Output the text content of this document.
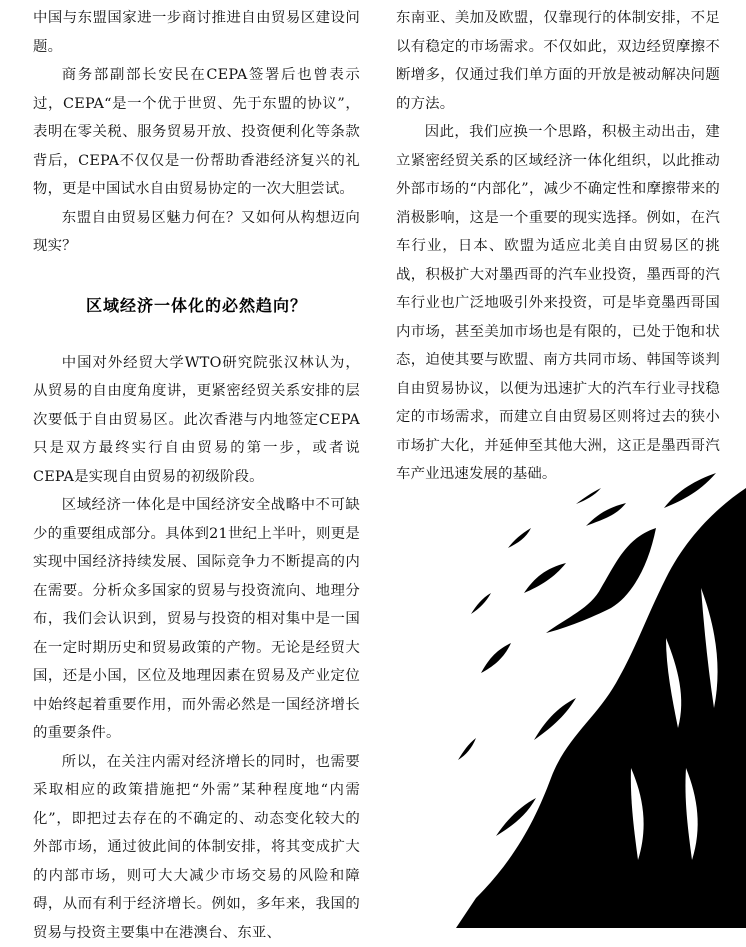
中国与东盟国家进一步商讨推进自由贸易区建设问题。

商务部副部长安民在CEPA签署后也曾表示过，CEPA“是一个优于世贸、先于东盟的协议”，表明在零关税、服务贸易开放、投资便利化等条款背后，CEPA不仅仅是一份帮助香港经济复兴的礼物，更是中国试水自由贸易协定的一次大胆尝试。

东盟自由贸易区魅力何在？又如何从构想迈向现实？

区域经济一体化的必然趋向？

中国对外经贸大学WTO研究院张汉林认为，从贸易的自由度角度讲，更紧密经贸关系安排的层次要低于自由贸易区。此次香港与内地签定CEPA只是双方最终实行自由贸易的第一步，或者说CEPA是实现自由贸易的初级阶段。

区域经济一体化是中国经济安全战略中不可缺少的重要组成部分。具体到21世纪上半叶，则更是实现中国经济持续发展、国际竞争力不断提高的内在需要。分析众多国家的贸易与投资流向、地理分布，我们会认识到，贸易与投资的相对集中是一国在一定时期历史和贸易政策的产物。无论是经贸大国，还是小国，区位及地理因素在贸易及产业定位中始终起着重要作用，而外需必然是一国经济增长的重要条件。

所以，在关注内需对经济增长的同时，也需要采取相应的政策措施把“外需”某种程度地“内需化”，即把过去存在的不确定的、动态变化较大的外部市场，通过彼此间的体制安排，将其变成扩大的内部市场，则可大大减少市场交易的风险和障碍，从而有利于经济增长。例如，多年来，我国的贸易与投资主要集中在港澳台、东亚、

东南亚、美加及欧盟，仅靠现行的体制安排，不足以有稳定的市场需求。不仅如此，双边经贸摩擦不断增多，仅通过我们单方面的开放是被动解决问题的方法。

因此，我们应换一个思路，积极主动出击，建立紧密经贸关系的区域经济一体化组织，以此推动外部市场的“内部化”，减少不确定性和摩擦带来的消极影响，这是一个重要的现实选择。例如，在汽车行业，日本、欧盟为适应北美自由贸易区的挑战，积极扩大对墨西哥的汽车业投资，墨西哥的汽车行业也广泛地吸引外来投资，可是毕竟墨西哥国内市场，甚至美加市场也是有限的，已处于饱和状态，迫使其要与欧盟、南方共同市场、韩国等谈判自由贸易协议，以便为迅速扩大的汽车行业寻找稳定的市场需求，而建立自由贸易区则将过去的狭小市场扩大化，并延伸至其他大洲，这正是墨西哥汽车产业迅速发展的基础。
